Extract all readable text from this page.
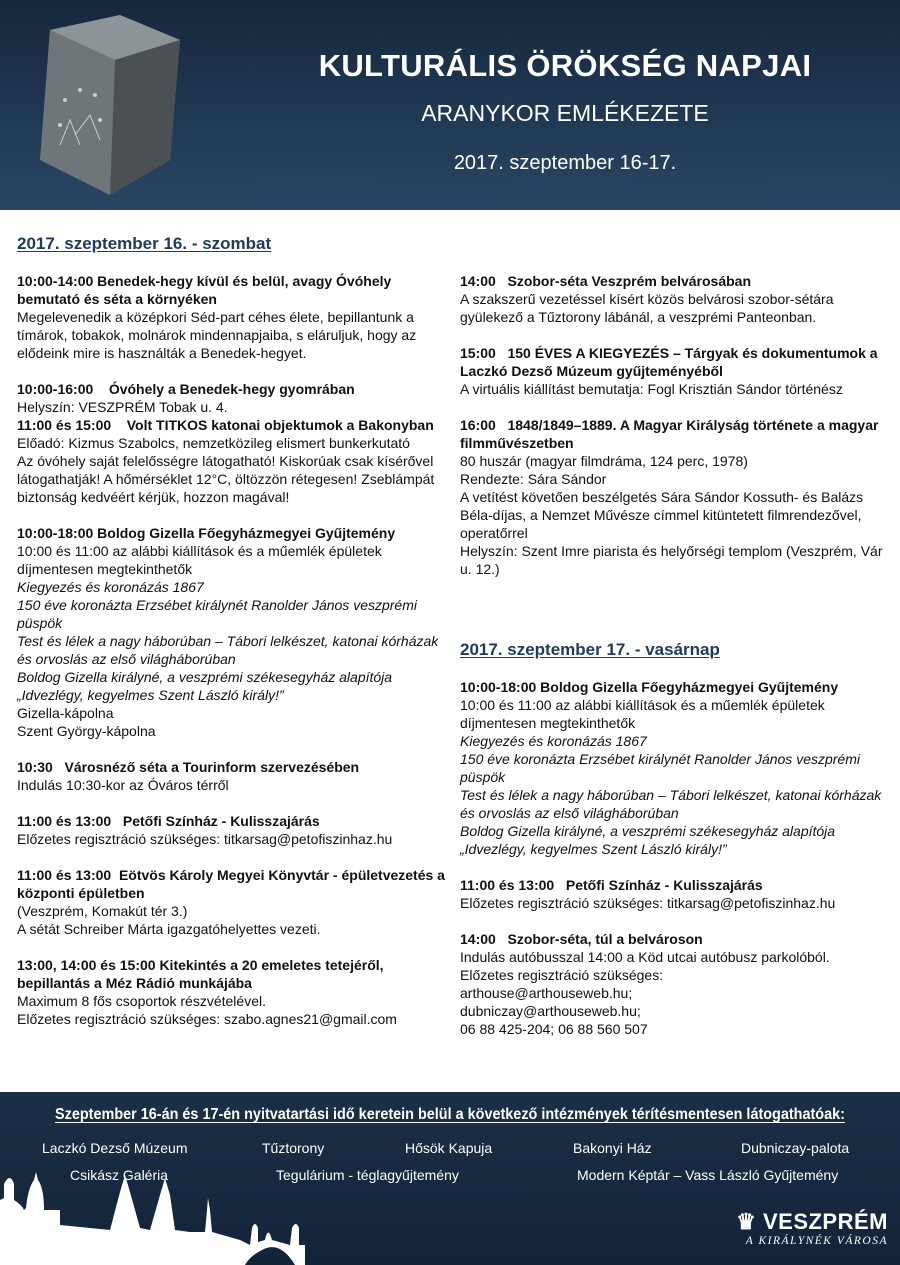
KULTURÁLIS ÖRÖKSÉG NAPJAI
ARANYKOR EMLÉKEZETE
2017. szeptember 16-17.
2017. szeptember 16. - szombat
10:00-14:00 Benedek-hegy kívül és belül, avagy Óvóhely bemutató és séta a környéken
Megelevenedik a középkori Séd-part céhes élete, bepillantunk a tímárok, tobakok, molnárok mindennapjaiba, s eláruljuk, hogy az elődeink mire is használták a Benedek-hegyet.
10:00-16:00    Óvóhely a Benedek-hegy gyomrában
Helyszín: VESZPRÉM Tobak u. 4.
11:00 és 15:00    Volt TITKOS katonai objektumok a Bakonyban
Előadó: Kizmus Szabolcs, nemzetközileg elismert bunkerkutató
Az óvóhely saját felelősségre látogatható! Kiskorúak csak kísérővel látogathatják! A hőmérséklet 12°C, öltözzön rétegesen! Zseblámpát biztonság kedvéért kérjük, hozzon magával!
10:00-18:00 Boldog Gizella Főegyházmegyei Gyűjtemény
10:00 és 11:00 az alábbi kiállítások és a műemlék épületek díjmentesen megtekinthetők
Kiegyezés és koronázás 1867
150 éve koronázta Erzsébet királynét Ranolder János veszprémi püspök
Test és lélek a nagy háborúban – Tábori lelkészet, katonai kórházak és orvoslás az első világháborúban
Boldog Gizella királyné, a veszprémi székesegyház alapítója
„Idvezlégy, kegyelmes Szent László király!”
Gizella-kápolna
Szent György-kápolna
10:30   Városnéző séta a Tourinform szervezésében
Indulás 10:30-kor az Óváros térről
11:00 és 13:00   Petőfi Színház - Kulisszajárás
Előzetes regisztráció szükséges: titkarsag@petofiszinhaz.hu
11:00 és 13:00  Eötvös Károly Megyei Könyvtár - épületvezetés a központi épületben
(Veszprém, Komakút tér 3.)
A sétát Schreiber Márta igazgatóhelyettes vezeti.
13:00, 14:00 és 15:00 Kitekintés a 20 emeletes tetejéről, bepillantás a Méz Rádió munkájába
Maximum 8 fős csoportok részvételével.
Előzetes regisztráció szükséges: szabo.agnes21@gmail.com
14:00   Szobor-séta Veszprém belvárosában
A szakszerű vezetéssel kísért közös belvárosi szobor-sétára gyülekező a Tűztorony lábánál, a veszprémi Panteonban.
15:00   150 ÉVES A KIEGYEZÉS – Tárgyak és dokumentumok a Laczkó Dezső Múzeum gyűjteményéből
A virtuális kiállítást bemutatja: Fogl Krisztián Sándor történész
16:00   1848/1849–1889. A Magyar Királyság története a magyar filmművészetben
80 huszár (magyar filmdráma, 124 perc, 1978)
Rendezte: Sára Sándor
A vetítést követően beszélgetés Sára Sándor Kossuth- és Balázs Béla-díjas, a Nemzet Művésze címmel kitüntetett filmrendezővel, operatőrrel
Helyszín: Szent Imre piarista és helyőrségi templom (Veszprém, Vár u. 12.)
2017. szeptember 17. - vasárnap
10:00-18:00 Boldog Gizella Főegyházmegyei Gyűjtemény
10:00 és 11:00 az alábbi kiállítások és a műemlék épületek díjmentesen megtekinthetők
Kiegyezés és koronázás 1867
150 éve koronázta Erzsébet királynét Ranolder János veszprémi püspök
Test és lélek a nagy háborúban – Tábori lelkészet, katonai kórházak és orvoslás az első világháborúban
Boldog Gizella királyné, a veszprémi székesegyház alapítója
„Idvezlégy, kegyelmes Szent László király!”
11:00 és 13:00   Petőfi Színház - Kulisszajárás
Előzetes regisztráció szükséges: titkarsag@petofiszinhaz.hu
14:00   Szobor-séta, túl a belvároson
Indulás autóbusszal 14:00 a Köd utcai autóbusz parkolóból.
Előzetes regisztráció szükséges:
arthouse@arthouseweb.hu;
dubniczay@arthouseweb.hu;
06 88 425-204; 06 88 560 507
Szeptember 16-án és 17-én nyitvatartási idő keretein belül a következő intézmények térítésmentesen látogathatóak:
Laczkó Dezső Múzeum	Tűztorony	Hősök Kapuja	Bakonyi Ház	Dubniczay-palota
Csikász Galéria	Tegulárium - téglagyűjtemény	Modern Képtár – Vass László Gyűjtemény
♛ VESZPRÉM
A KIRÁLYNÉK VÁROSA
